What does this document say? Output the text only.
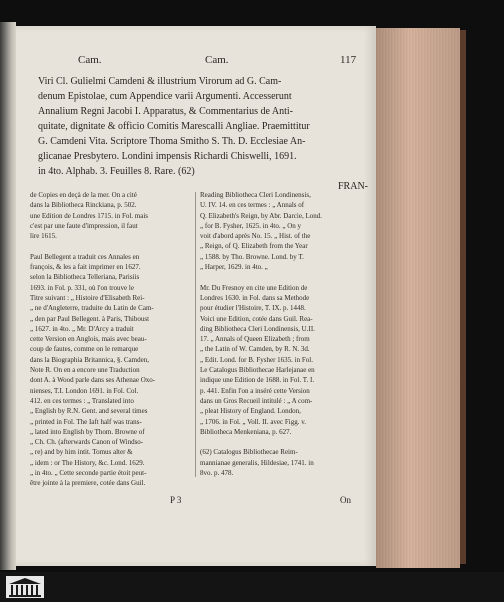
Cam.	Cam.	117
Viri Cl. Gulielmi Camdeni & illustrium Virorum ad G. Cam-
denum Epistolae, cum Appendice varii Argumenti. Accesserunt
Annalium Regni Jacobi I. Apparatus, & Commentarius de Anti-
quitate, dignitate & officio Comitis Marescalli Angliae. Praemittitur
G. Camdeni Vita. Scriptore Thoma Smitho S. Th. D. Ecclesiae An-
glicanae Presbytero. Londini impensis Richardi Chiswelli, 1691.
in 4to. Alphab. 3. Feuilles 8. Rare. (62)
FRAN-
de Copies en deçà de la mer. On a cité
dans la Bibliotheca Rinckiana, p. 502.
une Edition de Londres 1715. in Fol. mais
c'est par une faute d'impression, il faut
lire 1615.

Paul Bellegent a traduit ces Annales en
françois, & les a fait imprimer en 1627.
selon la Bibliotheca Telleriana, Parisiis
1693. in Fol. p. 331, où l'on trouve le
Titre suivant : „ Histoire d'Elisabeth Rei-
„ ne d'Angleterre, traduite du Latin de Cam-
„ den par Paul Bellegent. à Paris, Thiboust
„ 1627. in 4to. „ Mr. D'Arcy a traduit
cette Version en Anglois, mais avec beau-
coup de fautes, comme on le remarque
dans la Biographia Britannica, §. Camden,
Note R. On en a encore une Traduction
dont A. à Wood parle dans ses Athenae Oxo-
nienses, T.I. London 1691. in Fol. Col.
412. en ces termes : „ Translated into
„ English by R.N. Gent. and several times
„ printed in Fol. The Iaft half was trans-
„ lated into English by Thom. Browne of
„ Ch. Ch. (afterwards Canon of Windso-
„ re) and by him intit. Tomus alter &
„ idem : or The History, &c. Lond. 1629.
„ in 4to. „ Cette seconde partie étoit peut-
être jointe à la premiere, cotée dans Guil.
Reading Bibliotheca Cleri Londinensis,
U. IV. 14. en ces termes : „ Annals of
Q. Elizabeth's Reign, by Abr. Darcie, Lond.
„ for B. Fysher, 1625. in 4to. „ On y
voit d'abord après No. 15. „ Hist. of the
„ Reign, of Q. Elizabeth from the Year
„ 1588. by Tho. Browne. Lond. by T.
„ Harper, 1629. in 4to. „

Mr. Du Fresnoy en cite une Edition de
Londres 1630. in Fol. dans sa Methode
pour étudier l'Histoire, T. IX. p. 1448.
Voici une Edition, cotée dans Guil. Rea-
ding Bibliotheca Cleri Londinensis, U.II.
17. „ Annals of Queen Elizabeth ; from
„ the Latin of W. Camden, by R. N. 3d.
„ Edit. Lond. for B. Fysher 1635. in Fol.
Le Catalogus Bibliothecae Harlejanae en
indique une Edition de 1688. in Fol. T. I.
p. 441. Enfin l'on a inséré cette Version
dans un Gros Recueil intitulé : „ A com-
„ pleat History of England. London,
„ 1706. in Fol. „ Voll. II. avec Figg. v.
Bibliotheca Menkeniana, p. 627.

(62) Catalogus Bibliothecae Reim-
mannianae generalis, Hildesiae, 1741. in
8vo. p. 478.
P 3	On
